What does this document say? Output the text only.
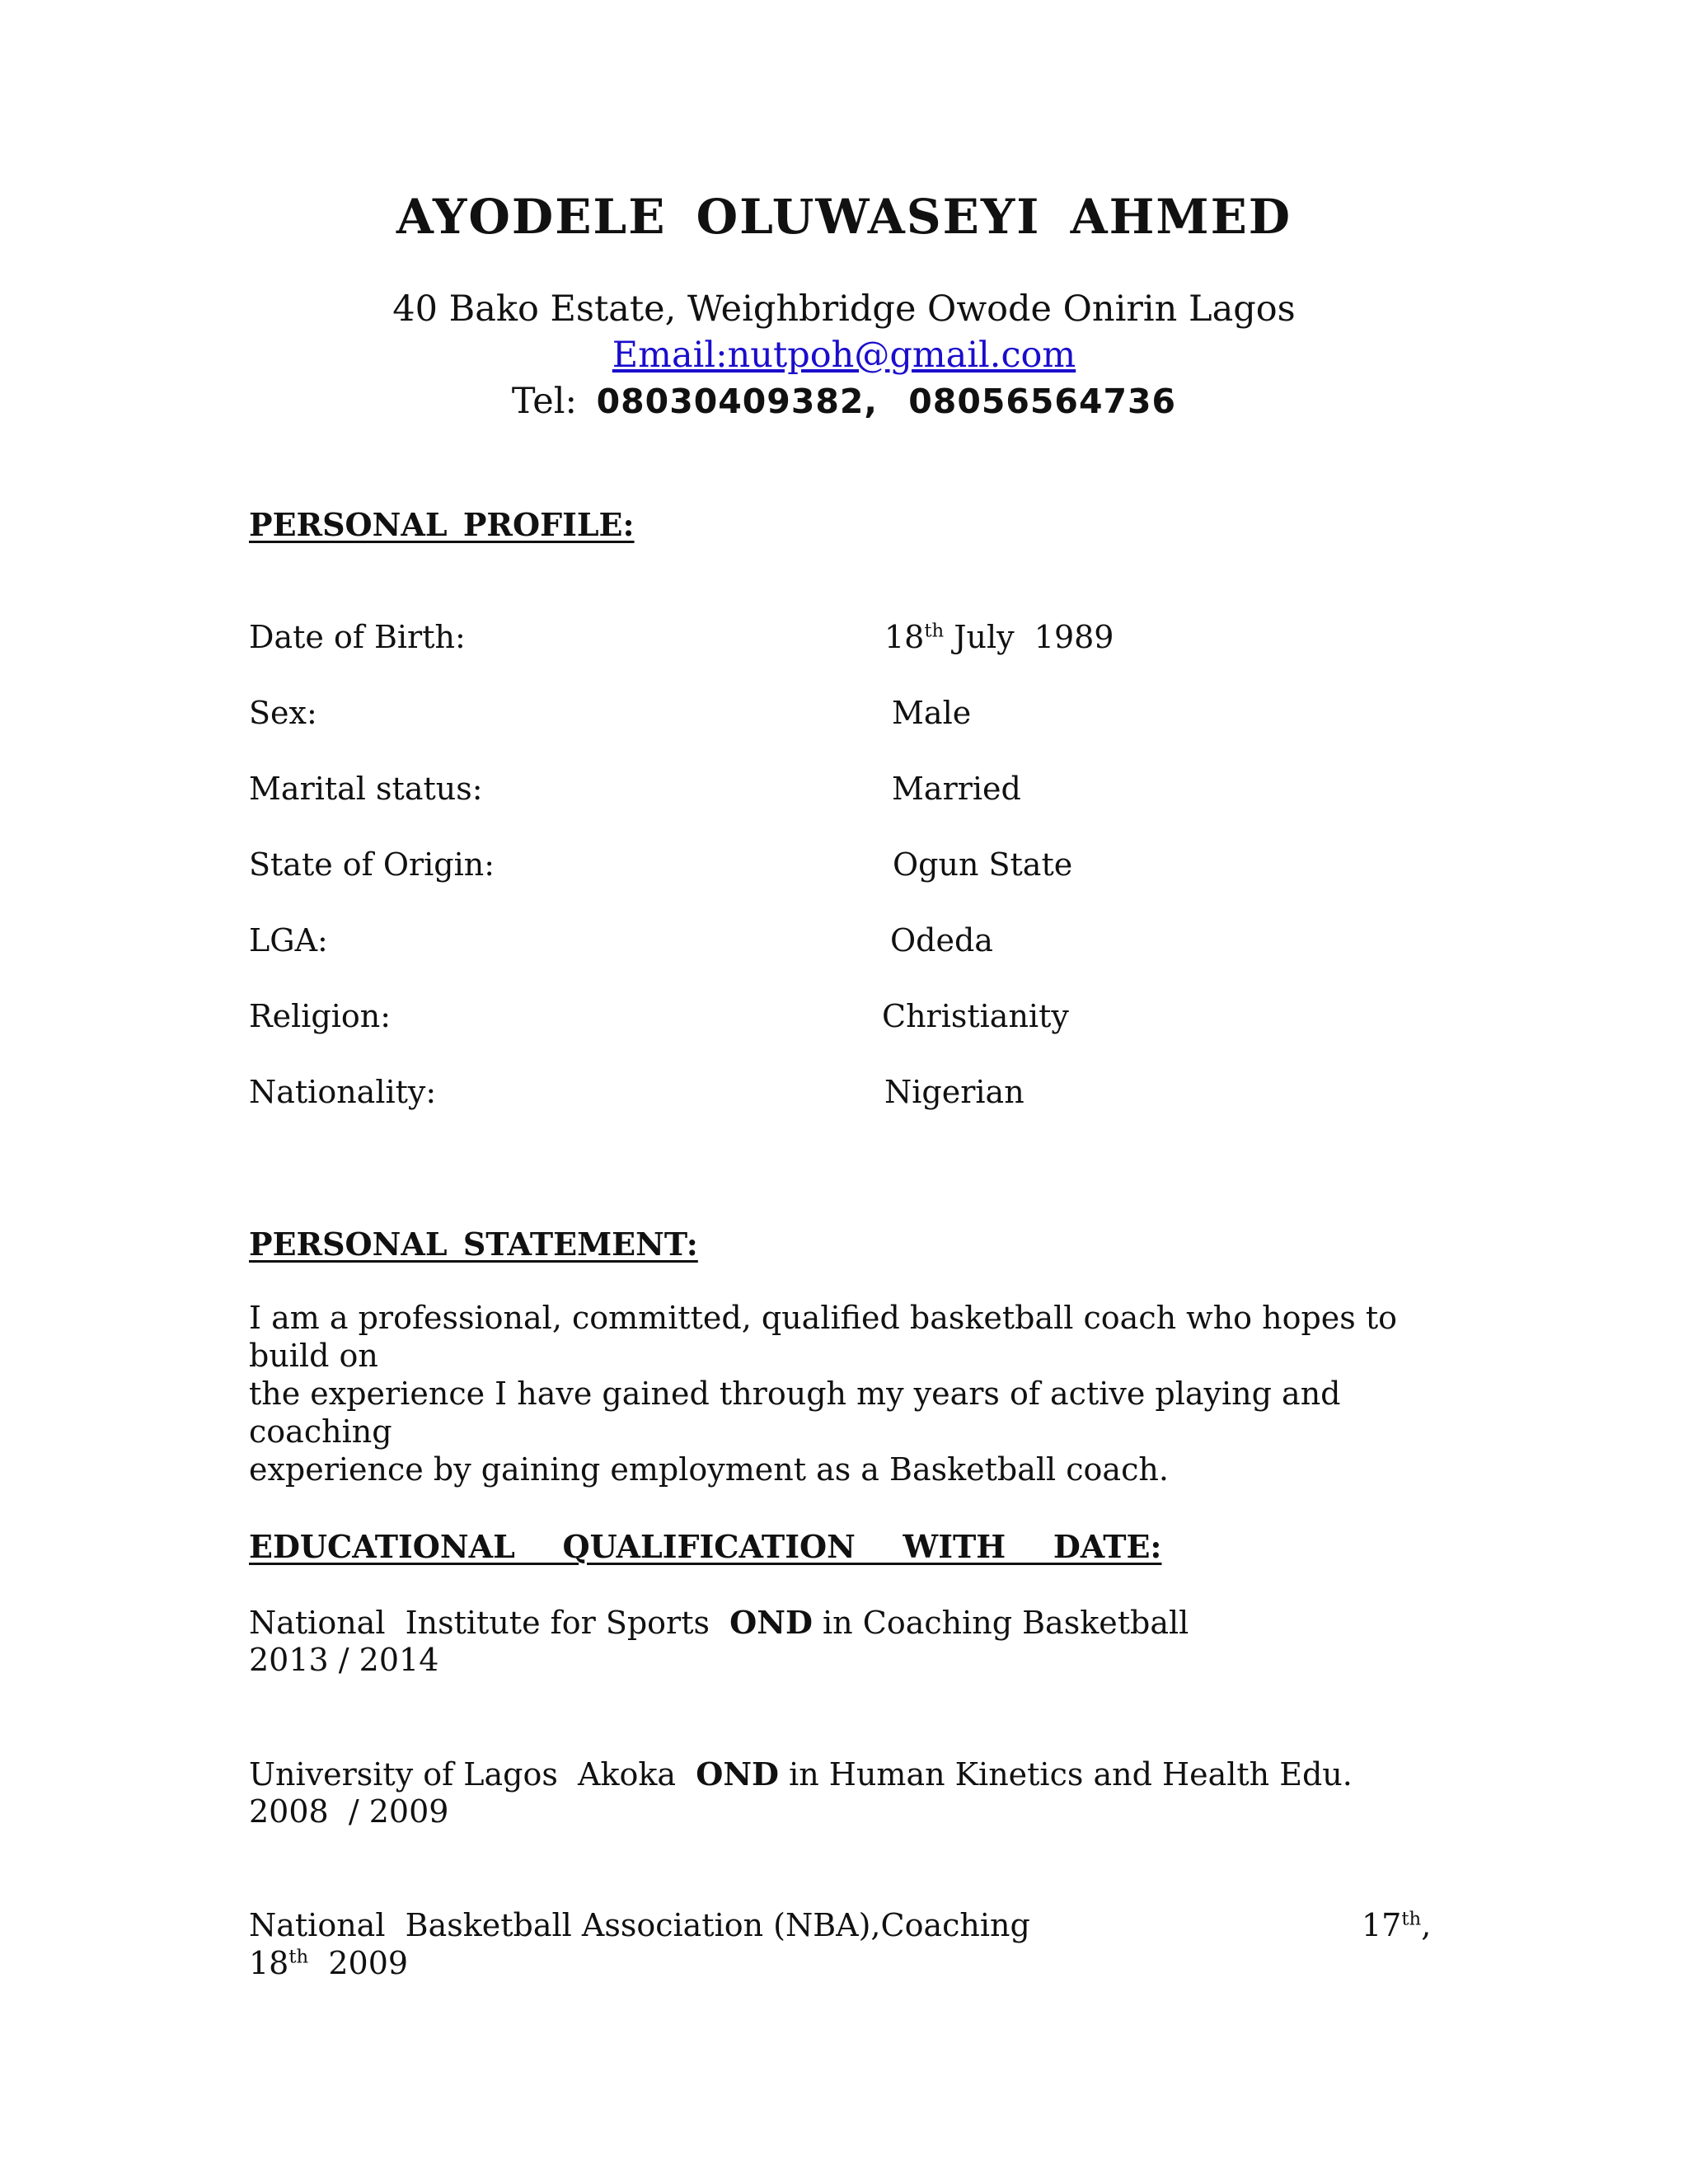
AYODELE OLUWASEYI AHMED
40 Bako Estate, Weighbridge Owode Onirin Lagos
Email:nutpoh@gmail.com
Tel: 08030409382, 08056564736
PERSONAL PROFILE:
Date of Birth:	18th July  1989
Sex:	Male
Marital status:	Married
State of Origin:	Ogun State
LGA:	Odeda
Religion:	Christianity
Nationality:	Nigerian
PERSONAL STATEMENT:
I am a professional, committed, qualified basketball coach who hopes to build on
the experience I have gained through my years of active playing and coaching
experience by gaining employment as a Basketball coach.
EDUCATIONAL   QUALIFICATION   WITH   DATE:
National  Institute for Sports  OND in Coaching Basketball
2013 / 2014
University of Lagos  Akoka  OND in Human Kinetics and Health Edu.
2008  / 2009
National  Basketball Association (NBA),Coaching	17th,
18th  2009
